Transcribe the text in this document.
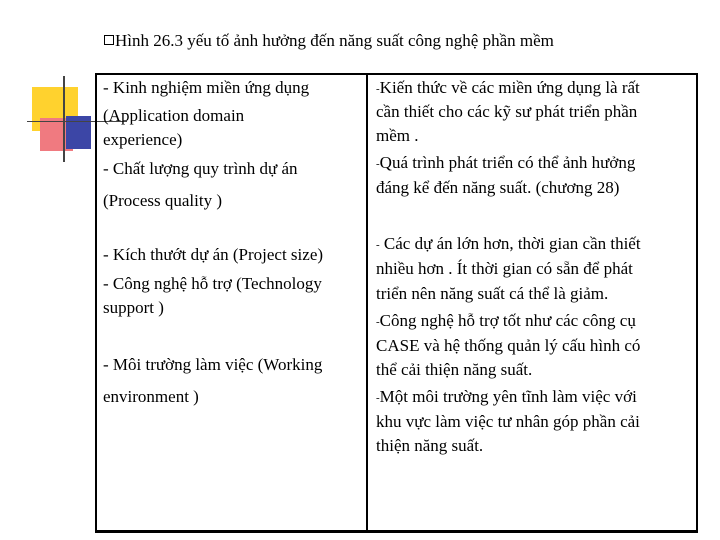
Hình 26.3 yếu tố ảnh hưởng đến năng suất công nghệ phần mềm
- Kinh nghiệm miền ứng dụng
(Application domain
experience)
- Chất lượng quy trình dự án
(Process quality )
- Kích thướt dự án (Project size)
- Công nghệ hỗ trợ (Technology
support )
- Môi trường làm việc (Working
environment )
-Kiến thức về các miền ứng dụng là rất
cần thiết cho các kỹ sư phát triển phần
mềm .
-Quá trình phát triển có thể ảnh hưởng
đáng kể đến năng suất. (chương 28)
- Các dự án lớn hơn, thời gian cần thiết
nhiều hơn . Ít thời gian có sẵn để phát
triển nên năng suất cá thể là giảm.
-Công nghệ hỗ trợ tốt như các công cụ
CASE và hệ thống quản lý cấu hình có
thể cải thiện năng suất.
-Một môi trường yên tĩnh làm việc với
khu vực làm việc tư nhân góp phần cải
thiện năng suất.
